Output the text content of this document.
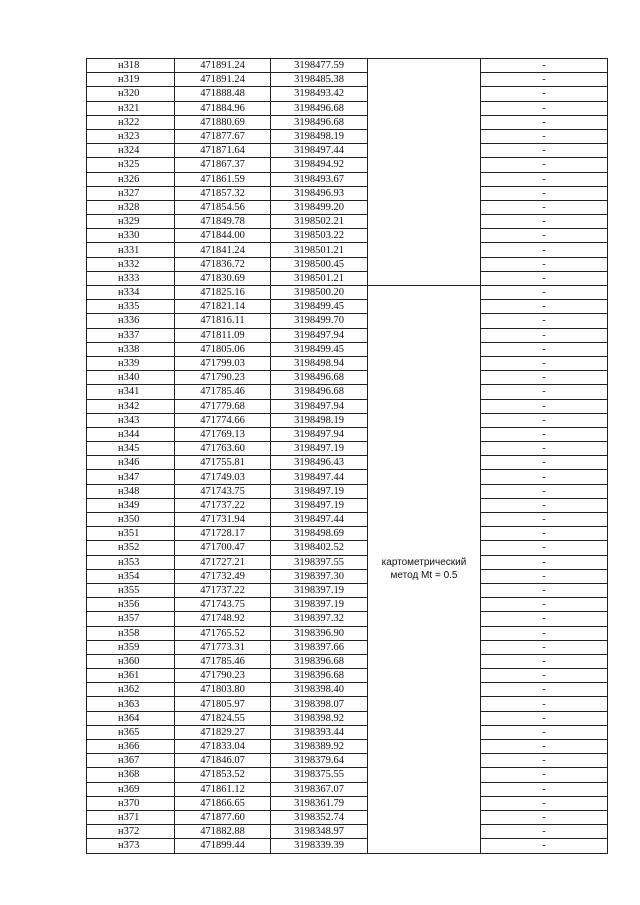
н318	471891.24	3198477.59		-
н319	471891.24	3198485.38		-
н320	471888.48	3198493.42		-
н321	471884.96	3198496.68		-
н322	471880.69	3198496.68		-
н323	471877.67	3198498.19		-
н324	471871.64	3198497.44		-
н325	471867.37	3198494.92		-
н326	471861.59	3198493.67		-
н327	471857.32	3198496.93		-
н328	471854.56	3198499.20		-
н329	471849.78	3198502.21		-
н330	471844.00	3198503.22		-
н331	471841.24	3198501.21		-
н332	471836.72	3198500.45		-
н333	471830.69	3198501.21		-
н334	471825.16	3198500.20	картометрический
метод Mt = 0.5	-
н335	471821.14	3198499.45		-
н336	471816.11	3198499.70		-
н337	471811.09	3198497.94		-
н338	471805.06	3198499.45		-
н339	471799.03	3198498.94		-
н340	471790.23	3198496.68		-
н341	471785.46	3198496.68		-
н342	471779.68	3198497.94		-
н343	471774.66	3198498.19		-
н344	471769.13	3198497.94		-
н345	471763.60	3198497.19		-
н346	471755.81	3198496.43		-
н347	471749.03	3198497.44		-
н348	471743.75	3198497.19		-
н349	471737.22	3198497.19		-
н350	471731.94	3198497.44		-
н351	471728.17	3198498.69		-
н352	471700.47	3198402.52		-
н353	471727.21	3198397.55		-
н354	471732.49	3198397.30		-
н355	471737.22	3198397.19		-
н356	471743.75	3198397.19		-
н357	471748.92	3198397.32		-
н358	471765.52	3198396.90		-
н359	471773.31	3198397.66		-
н360	471785.46	3198396.68		-
н361	471790.23	3198396.68		-
н362	471803.80	3198398.40		-
н363	471805.97	3198398.07		-
н364	471824.55	3198398.92		-
н365	471829.27	3198393.44		-
н366	471833.04	3198389.92		-
н367	471846.07	3198379.64		-
н368	471853.52	3198375.55		-
н369	471861.12	3198367.07		-
н370	471866.65	3198361.79		-
н371	471877.60	3198352.74		-
н372	471882.88	3198348.97		-
н373	471899.44	3198339.39		-
